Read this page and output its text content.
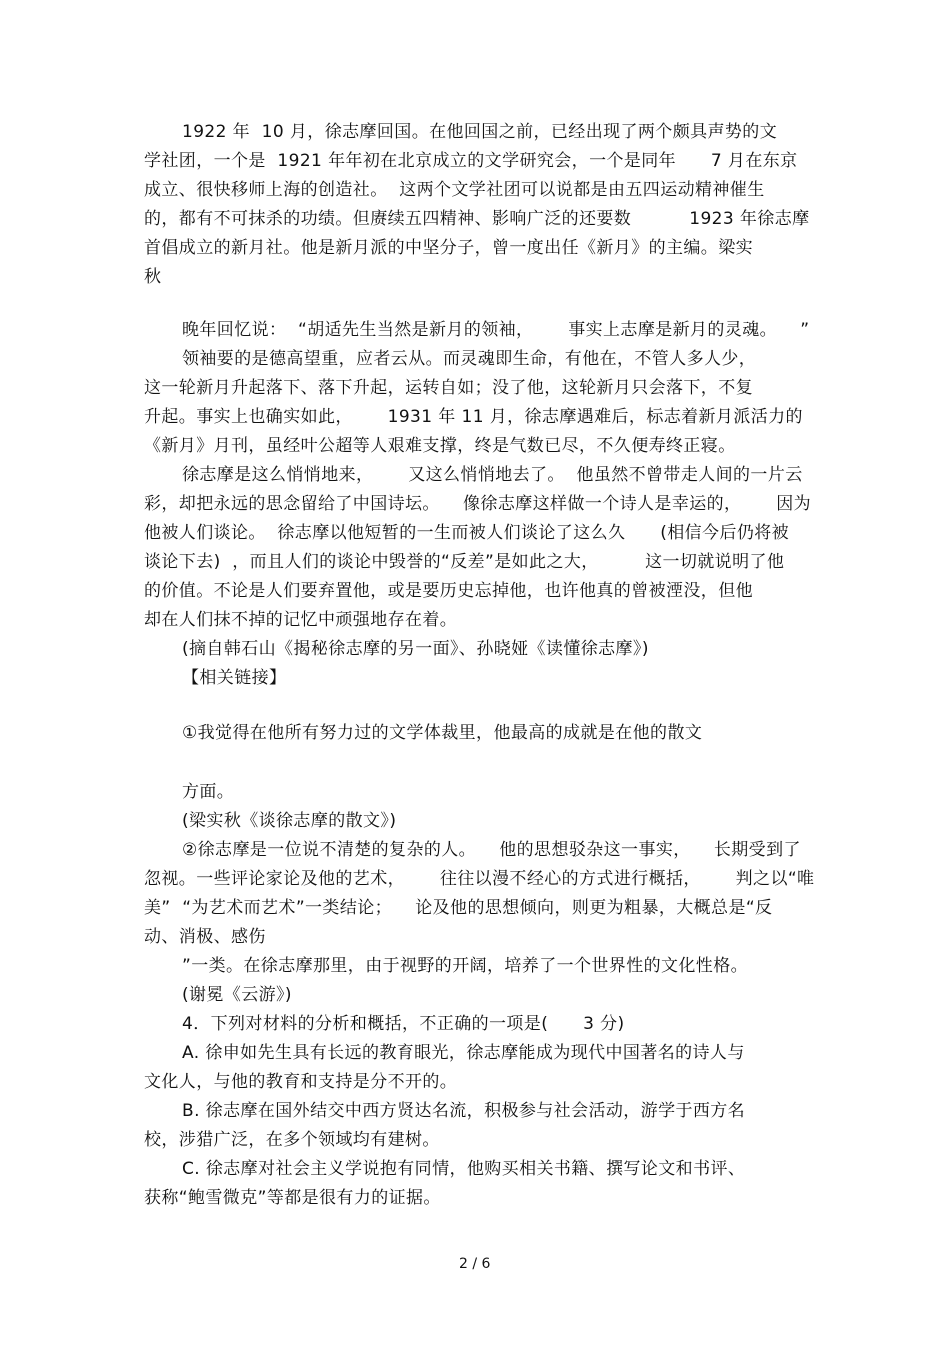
1922 年  10 月，徐志摩回国。在他回国之前，已经出现了两个颇具声势的文
学社团，一个是  1921 年年初在北京成立的文学研究会，一个是同年      7 月在东京
成立、很快移师上海的创造社。  这两个文学社团可以说都是由五四运动精神催生
的，都有不可抹杀的功绩。但赓续五四精神、影响广泛的还要数          1923 年徐志摩
首倡成立的新月社。他是新月派的中坚分子，曾一度出任《新月》的主编。梁实
秋
晚年回忆说：  “胡适先生当然是新月的领袖，      事实上志摩是新月的灵魂。    ”
领袖要的是德高望重，应者云从。而灵魂即生命，有他在，不管人多人少，
这一轮新月升起落下、落下升起，运转自如；没了他，这轮新月只会落下，不复
升起。事实上也确实如此，      1931 年 11 月，徐志摩遇难后，标志着新月派活力的
《新月》月刊，虽经叶公超等人艰难支撑，终是气数已尽，不久便寿终正寝。
徐志摩是这么悄悄地来，      又这么悄悄地去了。  他虽然不曾带走人间的一片云
彩，却把永远的思念留给了中国诗坛。    像徐志摩这样做一个诗人是幸运的，      因为
他被人们谈论。  徐志摩以他短暂的一生而被人们谈论了这么久      (相信今后仍将被
谈论下去)  ，而且人们的谈论中毁誉的“反差”是如此之大，        这一切就说明了他
的价值。不论是人们要弃置他，或是要历史忘掉他，也许他真的曾被湮没，但他
却在人们抹不掉的记忆中顽强地存在着。
(摘自韩石山《揭秘徐志摩的另一面》、孙晓娅《读懂徐志摩》)
【相关链接】
①我觉得在他所有努力过的文学体裁里，他最高的成就是在他的散文
方面。
(梁实秋《谈徐志摩的散文》)
②徐志摩是一位说不清楚的复杂的人。    他的思想驳杂这一事实，    长期受到了
忽视。一些评论家论及他的艺术，      往往以漫不经心的方式进行概括，      判之以“唯
美”  “为艺术而艺术”一类结论；    论及他的思想倾向，则更为粗暴，大概总是“反
动、消极、感伤
”一类。在徐志摩那里，由于视野的开阔，培养了一个世界性的文化性格。
(谢冕《云游》)
4．下列对材料的分析和概括，不正确的一项是(      3 分)
A. 徐申如先生具有长远的教育眼光，徐志摩能成为现代中国著名的诗人与
文化人，与他的教育和支持是分不开的。
B. 徐志摩在国外结交中西方贤达名流，积极参与社会活动，游学于西方名
校，涉猎广泛，在多个领域均有建树。
C. 徐志摩对社会主义学说抱有同情，他购买相关书籍、撰写论文和书评、
获称“鲍雪微克”等都是很有力的证据。
2 / 6
